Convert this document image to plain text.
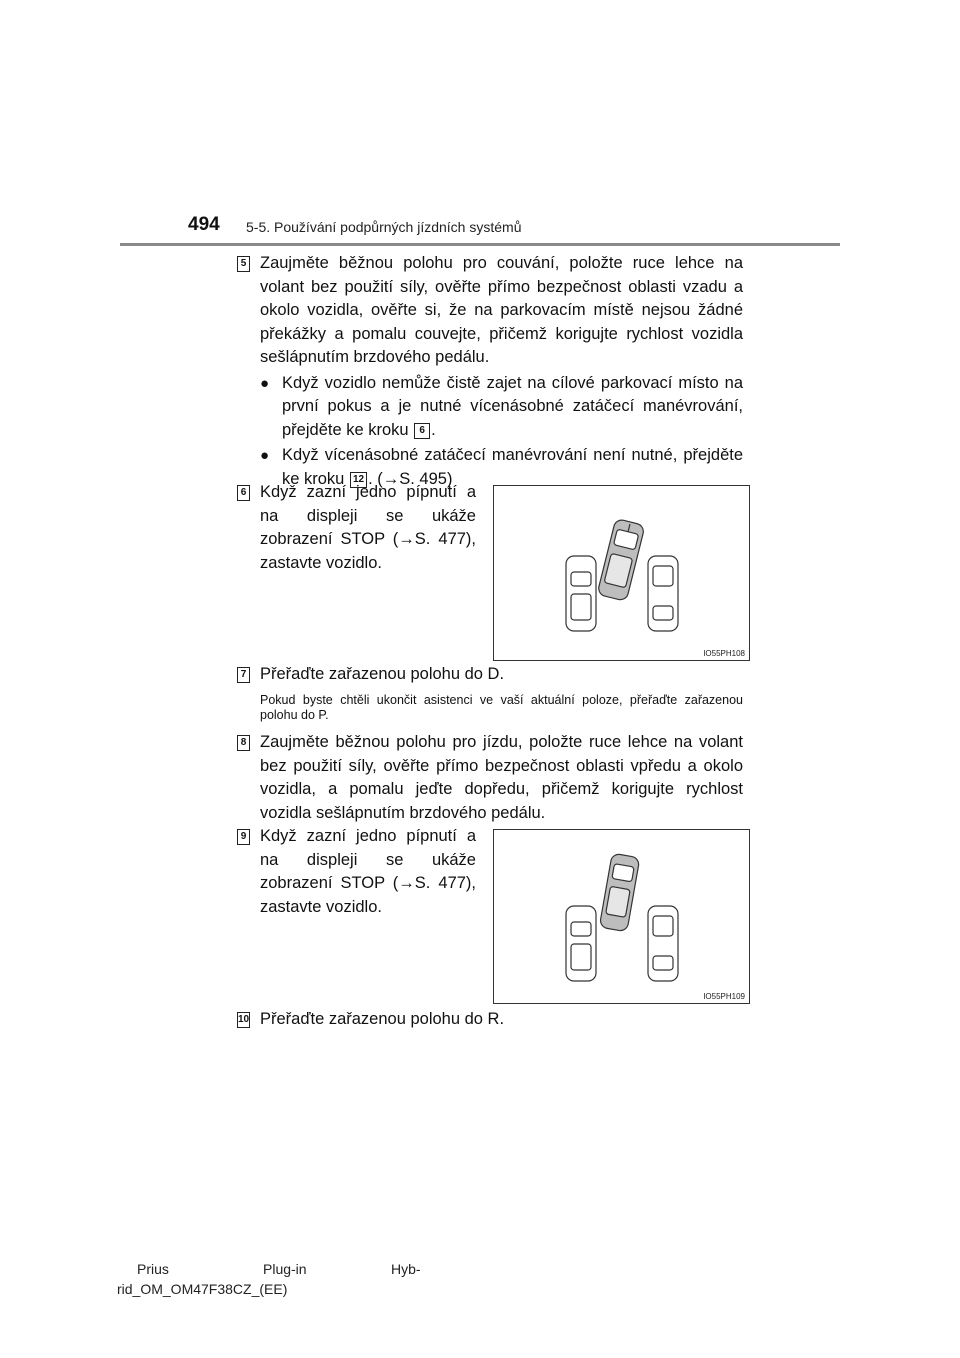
494 5-5. Používání podpůrných jízdních systémů
5 Zaujměte běžnou polohu pro couvání, položte ruce lehce na volant bez použití síly, ověřte přímo bezpečnost oblasti vzadu a okolo vozidla, ověřte si, že na parkovacím místě nejsou žádné překážky a pomalu couvejte, přičemž korigujte rychlost vozidla sešlápnutím brzdového pedálu.

● Když vozidlo nemůže čistě zajet na cílové parkovací místo na první pokus a je nutné vícenásobné zatáčecí manévrování, přejděte ke kroku 6 .
● Když vícenásobné zatáčecí manévrování není nutné, přejděte ke kroku 12 . (→S. 495)
6 Když zazní jedno pípnutí a na displeji se ukáže zobrazení STOP (→S. 477), zastavte vozidlo.

IO55PH108
7 Přeřaďte zařazenou polohu do D.

Pokud byste chtěli ukončit asistenci ve vaší aktuální poloze, přeřaďte zařazenou polohu do P.
8 Zaujměte běžnou polohu pro jízdu, položte ruce lehce na volant bez použití síly, ověřte přímo bezpečnost oblasti vpředu a okolo vozidla, a pomalu jeďte dopředu, přičemž korigujte rychlost vozidla sešlápnutím brzdového pedálu.

9 Když zazní jedno pípnutí a na displeji se ukáže zobrazení STOP (→S. 477), zastavte vozidlo.

IO55PH109
10 Přeřaďte zařazenou polohu do R.

Prius	Plug-in	Hyb-
rid_OM_OM47F38CZ_(EE)
